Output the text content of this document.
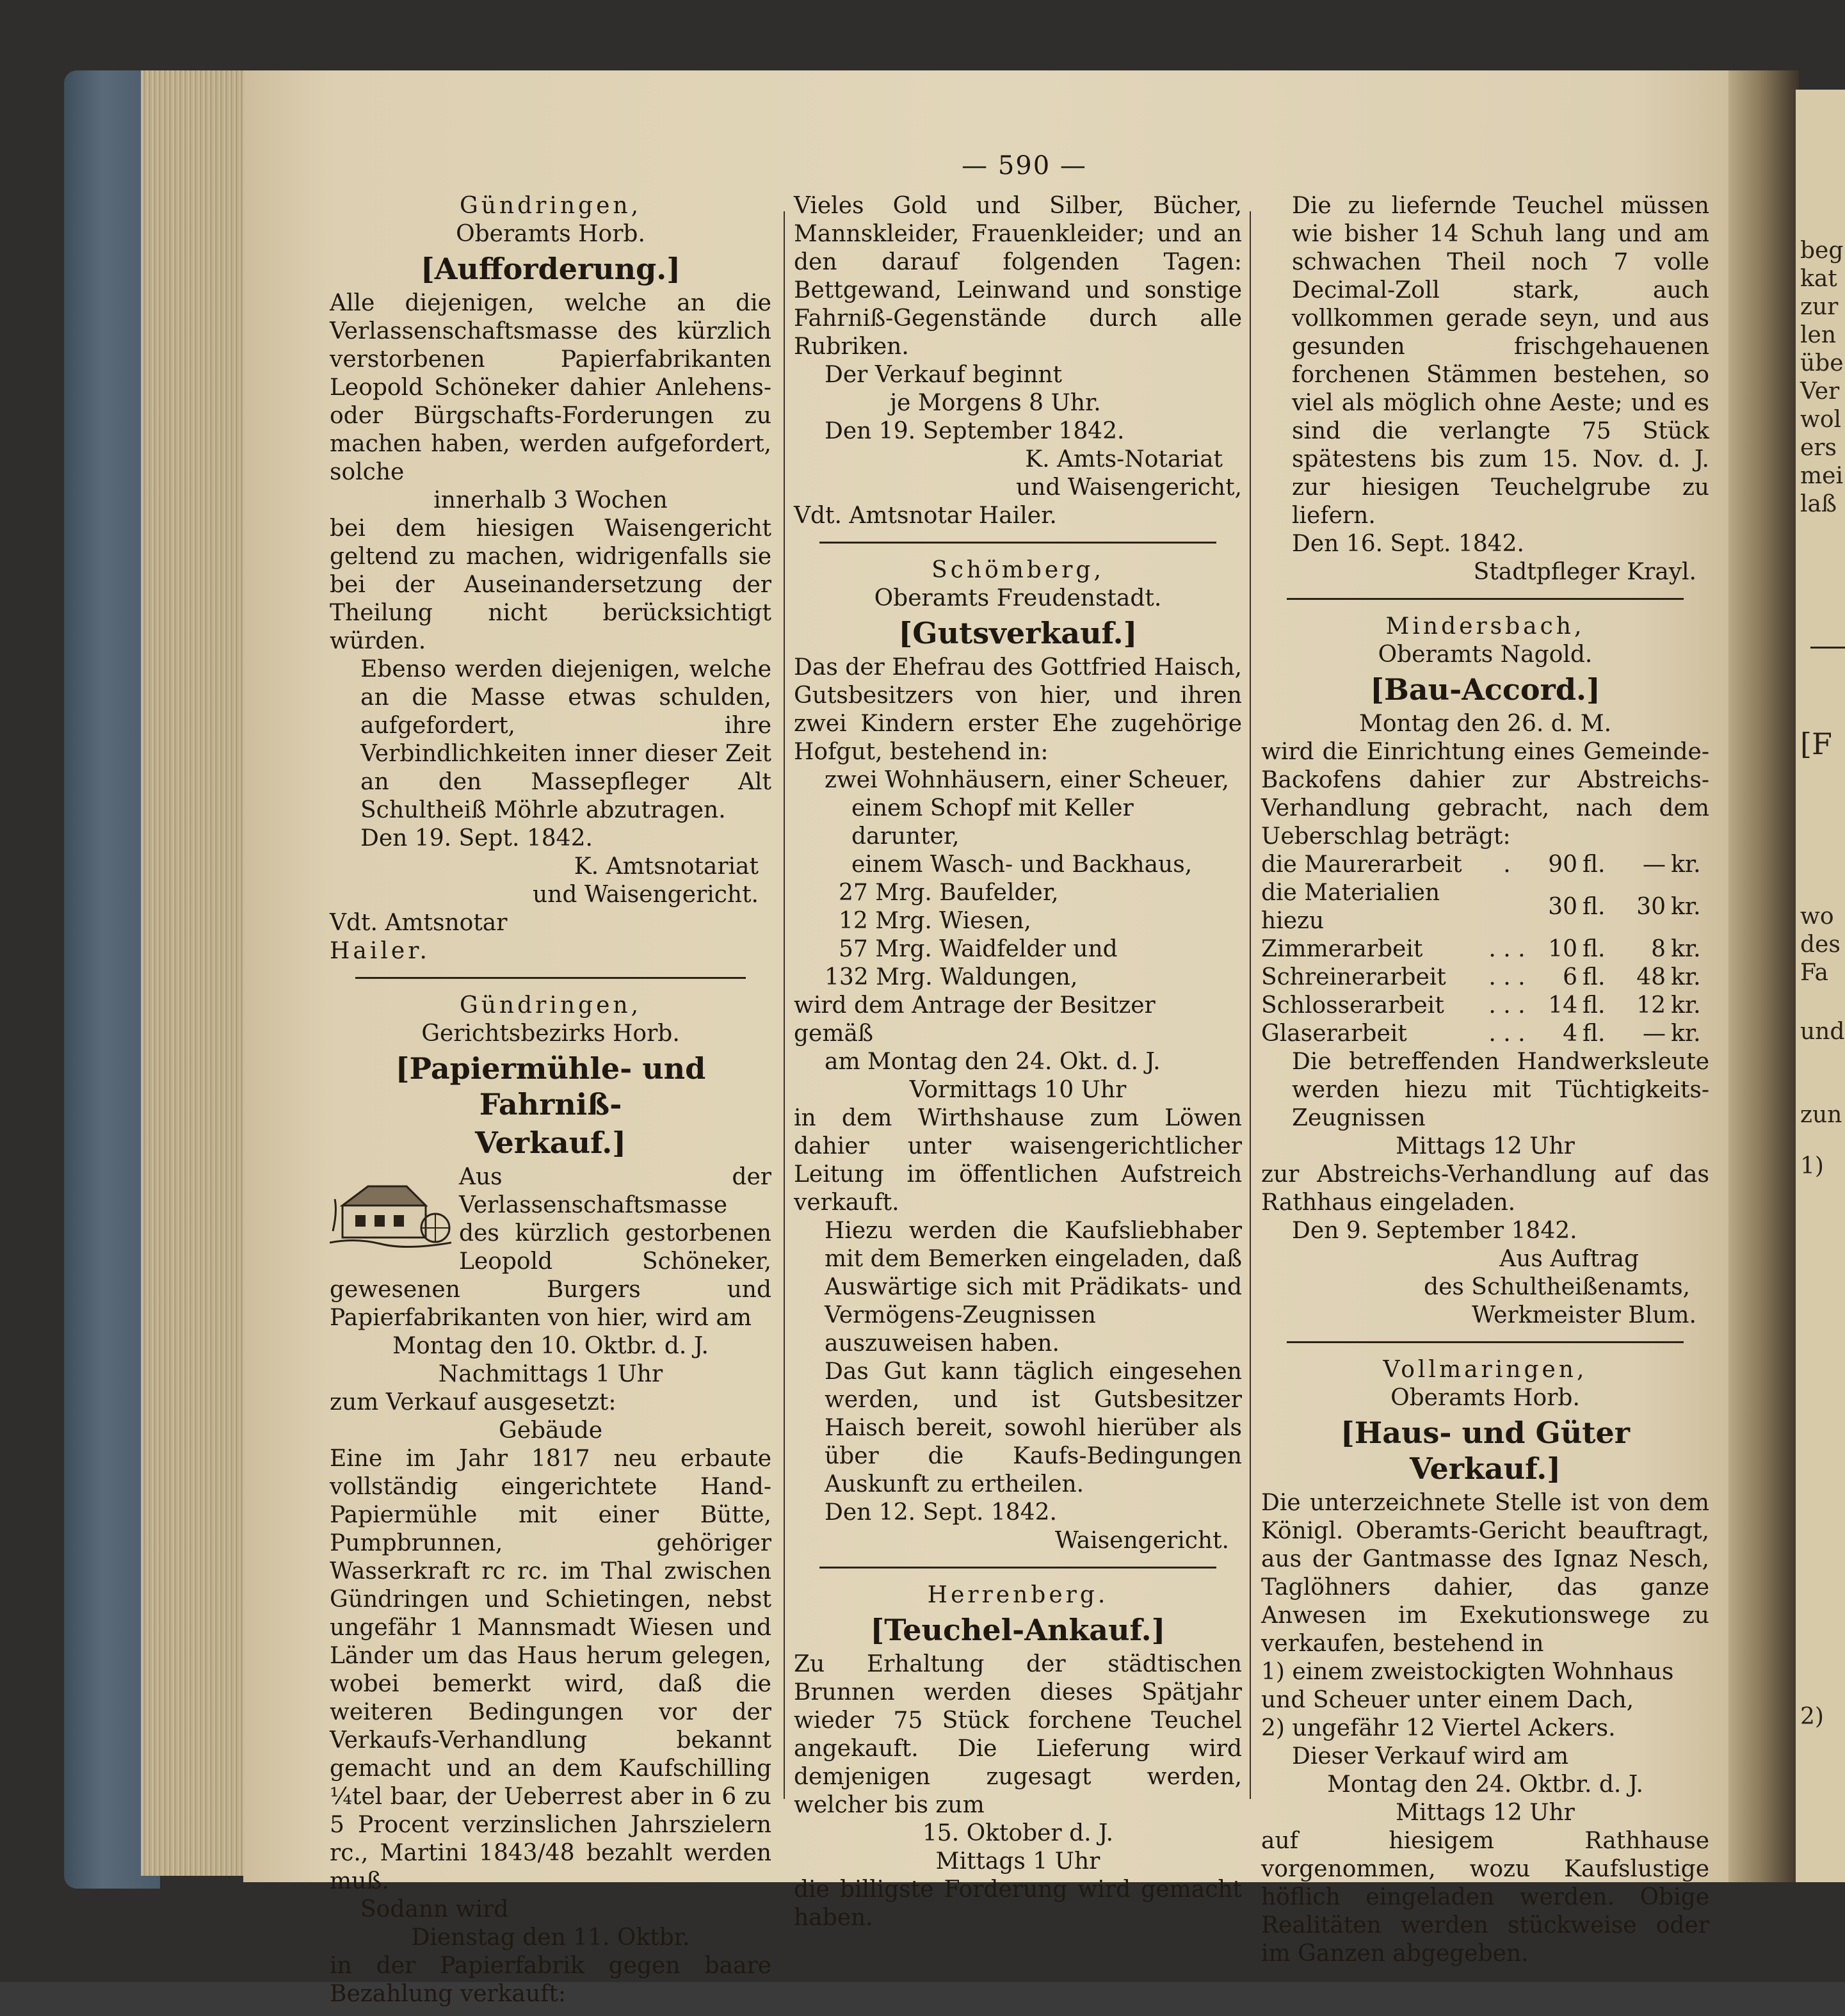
— 590 —
Gündringen,
Oberamts Horb.
[Aufforderung.]

Alle diejenigen, welche an die Verlassenschaftsmasse des kürzlich verstorbenen Papierfabrikanten Leopold Schöneker dahier Anlehens- oder Bürgschafts-Forderungen zu machen haben, werden aufgefordert, solche

innerhalb 3 Wochen

bei dem hiesigen Waisengericht geltend zu machen, widrigenfalls sie bei der Auseinandersetzung der Theilung nicht berücksichtigt würden.

Ebenso werden diejenigen, welche an die Masse etwas schulden, aufgefordert, ihre Verbindlichkeiten inner dieser Zeit an den Massepfleger Alt Schultheiß Möhrle abzutragen.

Den 19. Sept. 1842.
K. Amtsnotariat
und Waisengericht.
Vdt. Amtsnotar
Hailer.
Gündringen,
Gerichtsbezirks Horb.
[Papiermühle- und Fahrniß-
Verkauf.]

Aus der Verlassenschaftsmasse des kürzlich gestorbenen Leopold Schöneker, gewesenen Burgers und Papierfabrikanten von hier, wird am

Montag den 10. Oktbr. d. J.
Nachmittags 1 Uhr
zum Verkauf ausgesetzt:
Gebäude

Eine im Jahr 1817 neu erbaute vollständig eingerichtete Hand-Papiermühle mit einer Bütte, Pumpbrunnen, gehöriger Wasserkraft rc rc. im Thal zwischen Gündringen und Schietingen, nebst ungefähr 1 Mannsmadt Wiesen und Länder um das Haus herum gelegen, wobei bemerkt wird, daß die weiteren Bedingungen vor der Verkaufs-Verhandlung bekannt gemacht und an dem Kaufschilling ¼tel baar, der Ueberrest aber in 6 zu 5 Procent verzinslichen Jahrszielern rc., Martini 1843/48 bezahlt werden muß.

Sodann wird
Dienstag den 11. Oktbr.

in der Papierfabrik gegen baare Bezahlung verkauft:

Vieles Gold und Silber, Bücher, Mannskleider, Frauenkleider; und an den darauf folgenden Tagen: Bettgewand, Leinwand und sonstige Fahrniß-Gegenstände durch alle Rubriken.

Der Verkauf beginnt
je Morgens 8 Uhr.
Den 19. September 1842.
K. Amts-Notariat
und Waisengericht,
Vdt. Amtsnotar Hailer.
Schömberg,
Oberamts Freudenstadt.
[Gutsverkauf.]

Das der Ehefrau des Gottfried Haisch, Gutsbesitzers von hier, und ihren zwei Kindern erster Ehe zugehörige Hofgut, bestehend in:

zwei Wohnhäusern, einer Scheuer,
einem Schopf mit Keller darunter,
einem Wasch- und Backhaus,
27 Mrg. Baufelder,
12 Mrg. Wiesen,
57 Mrg. Waidfelder und
132 Mrg. Waldungen,
wird dem Antrage der Besitzer gemäß
am Montag den 24. Okt. d. J.
Vormittags 10 Uhr

in dem Wirthshause zum Löwen dahier unter waisengerichtlicher Leitung im öffentlichen Aufstreich verkauft.

Hiezu werden die Kaufsliebhaber mit dem Bemerken eingeladen, daß Auswärtige sich mit Prädikats- und Vermögens-Zeugnissen auszuweisen haben.

Das Gut kann täglich eingesehen werden, und ist Gutsbesitzer Haisch bereit, sowohl hierüber als über die Kaufs-Bedingungen Auskunft zu ertheilen.

Den 12. Sept. 1842.
Waisengericht.
Herrenberg.
[Teuchel-Ankauf.]

Zu Erhaltung der städtischen Brunnen werden dieses Spätjahr wieder 75 Stück forchene Teuchel angekauft. Die Lieferung wird demjenigen zugesagt werden, welcher bis zum

15. Oktober d. J.
Mittags 1 Uhr

die billigste Forderung wird gemacht haben.

Die zu liefernde Teuchel müssen wie bisher 14 Schuh lang und am schwachen Theil noch 7 volle Decimal-Zoll stark, auch vollkommen gerade seyn, und aus gesunden frischgehauenen forchenen Stämmen bestehen, so viel als möglich ohne Aeste; und es sind die verlangte 75 Stück spätestens bis zum 15. Nov. d. J. zur hiesigen Teuchelgrube zu liefern.

Den 16. Sept. 1842.
Stadtpfleger Krayl.
Mindersbach,
Oberamts Nagold.
[Bau-Accord.]
Montag den 26. d. M.

wird die Einrichtung eines Gemeinde-Backofens dahier zur Abstreichs-Verhandlung gebracht, nach dem Ueberschlag beträgt:

die Maurerarbeit	.	90	fl.	—	kr.
die Materialien hiezu		30	fl.	30	kr.
Zimmerarbeit	. . .	10	fl.	8	kr.
Schreinerarbeit	. . .	6	fl.	48	kr.
Schlosserarbeit	. . .	14	fl.	12	kr.
Glaserarbeit	. . .	4	fl.	—	kr.

Die betreffenden Handwerksleute werden hiezu mit Tüchtigkeits-Zeugnissen

Mittags 12 Uhr

zur Abstreichs-Verhandlung auf das Rathhaus eingeladen.

Den 9. September 1842.
Aus Auftrag
des Schultheißenamts,
Werkmeister Blum.
Vollmaringen,
Oberamts Horb.
[Haus- und Güter Verkauf.]

Die unterzeichnete Stelle ist von dem Königl. Oberamts-Gericht beauftragt, aus der Gantmasse des Ignaz Nesch, Taglöhners dahier, das ganze Anwesen im Exekutionswege zu verkaufen, bestehend in

1) einem zweistockigten Wohnhaus und Scheuer unter einem Dach,
2) ungefähr 12 Viertel Ackers.
Dieser Verkauf wird am
Montag den 24. Oktbr. d. J.
Mittags 12 Uhr

auf hiesigem Rathhause vorgenommen, wozu Kaufslustige höflich eingeladen werden. Obige Realitäten werden stückweise oder im Ganzen abgegeben.

beg
kat
zur
len
übe
Ver
wol
ers
mei
laß
[F
wo
des
Fa
und
zun
1)
2)
